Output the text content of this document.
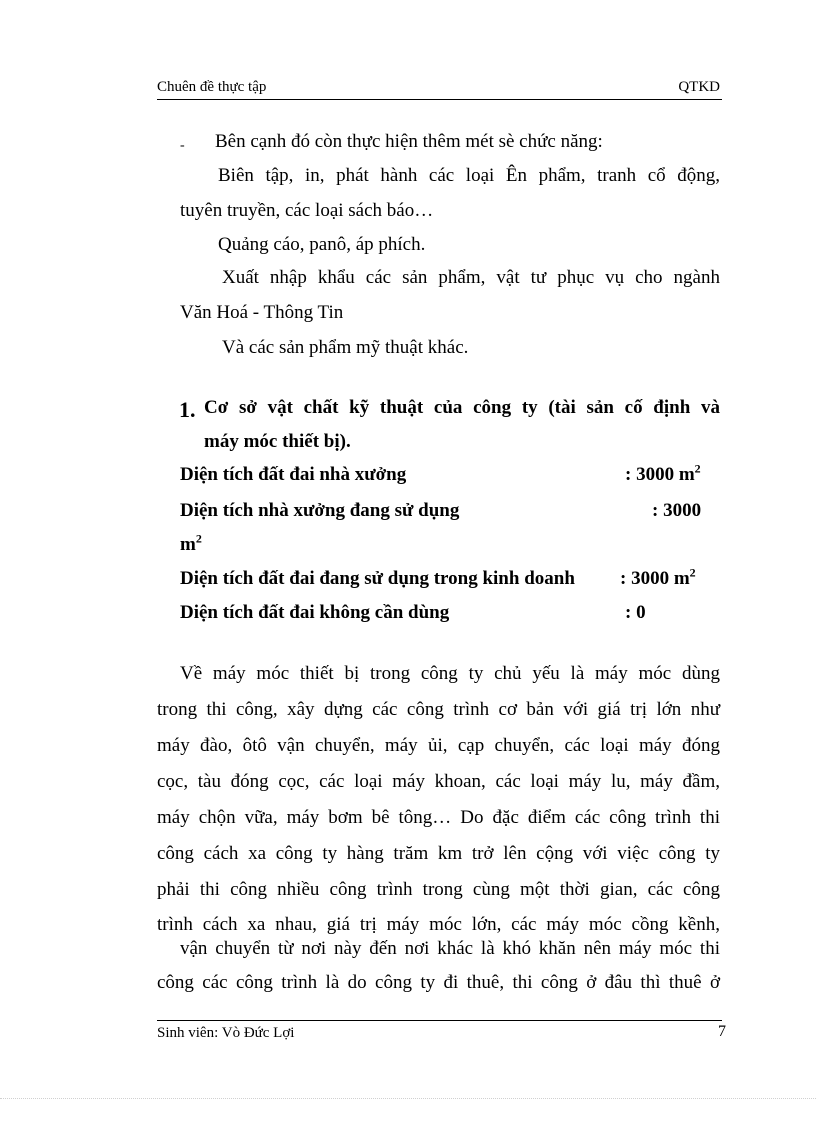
Chuên đề thực tập	QTKD
- Bên cạnh đó còn thực hiện thêm mét sè chức năng:
Biên tập, in, phát hành các loại Ên phẩm, tranh cổ động,
tuyên truyền, các loại sách báo…
Quảng cáo, panô, áp phích.
Xuất nhập khẩu các sản phẩm, vật tư phục vụ cho ngành
Văn Hoá - Thông Tin
Và các sản phẩm mỹ thuật khác.
1. Cơ sở vật chất kỹ thuật của công ty (tài sản cố định và
máy móc thiết bị).
Diện tích đất đai nhà xưởng	: 3000 $m^2$
Diện tích nhà xưởng đang sử dụng	: 3000
$m^2$
Diện tích đất đai đang sử dụng trong kinh doanh : 3000 $m^2$
Diện tích đất đai không cần dùng	: 0
Về máy móc thiết bị trong công ty chủ yếu là máy móc dùng
trong thi công, xây dựng các công trình cơ bản với giá trị lớn như
máy đào, ôtô vận chuyển, máy ủi, cạp chuyển, các loại máy đóng
cọc, tàu đóng cọc, các loại máy khoan, các loại máy lu, máy đầm,
máy chộn vữa, máy bơm bê tông… Do đặc điểm các công trình thi
công cách xa công ty hàng trăm km trở lên cộng với việc công ty
phải thi công nhiều công trình trong cùng một thời gian, các công
trình cách xa nhau, giá trị máy móc lớn, các máy móc cồng kềnh,
vận chuyển từ nơi này đến nơi khác là khó khăn nên máy móc thi
công các công trình là do công ty đi thuê, thi công ở đâu thì thuê ở
Sinh viên: Vò Đức Lợi	7
